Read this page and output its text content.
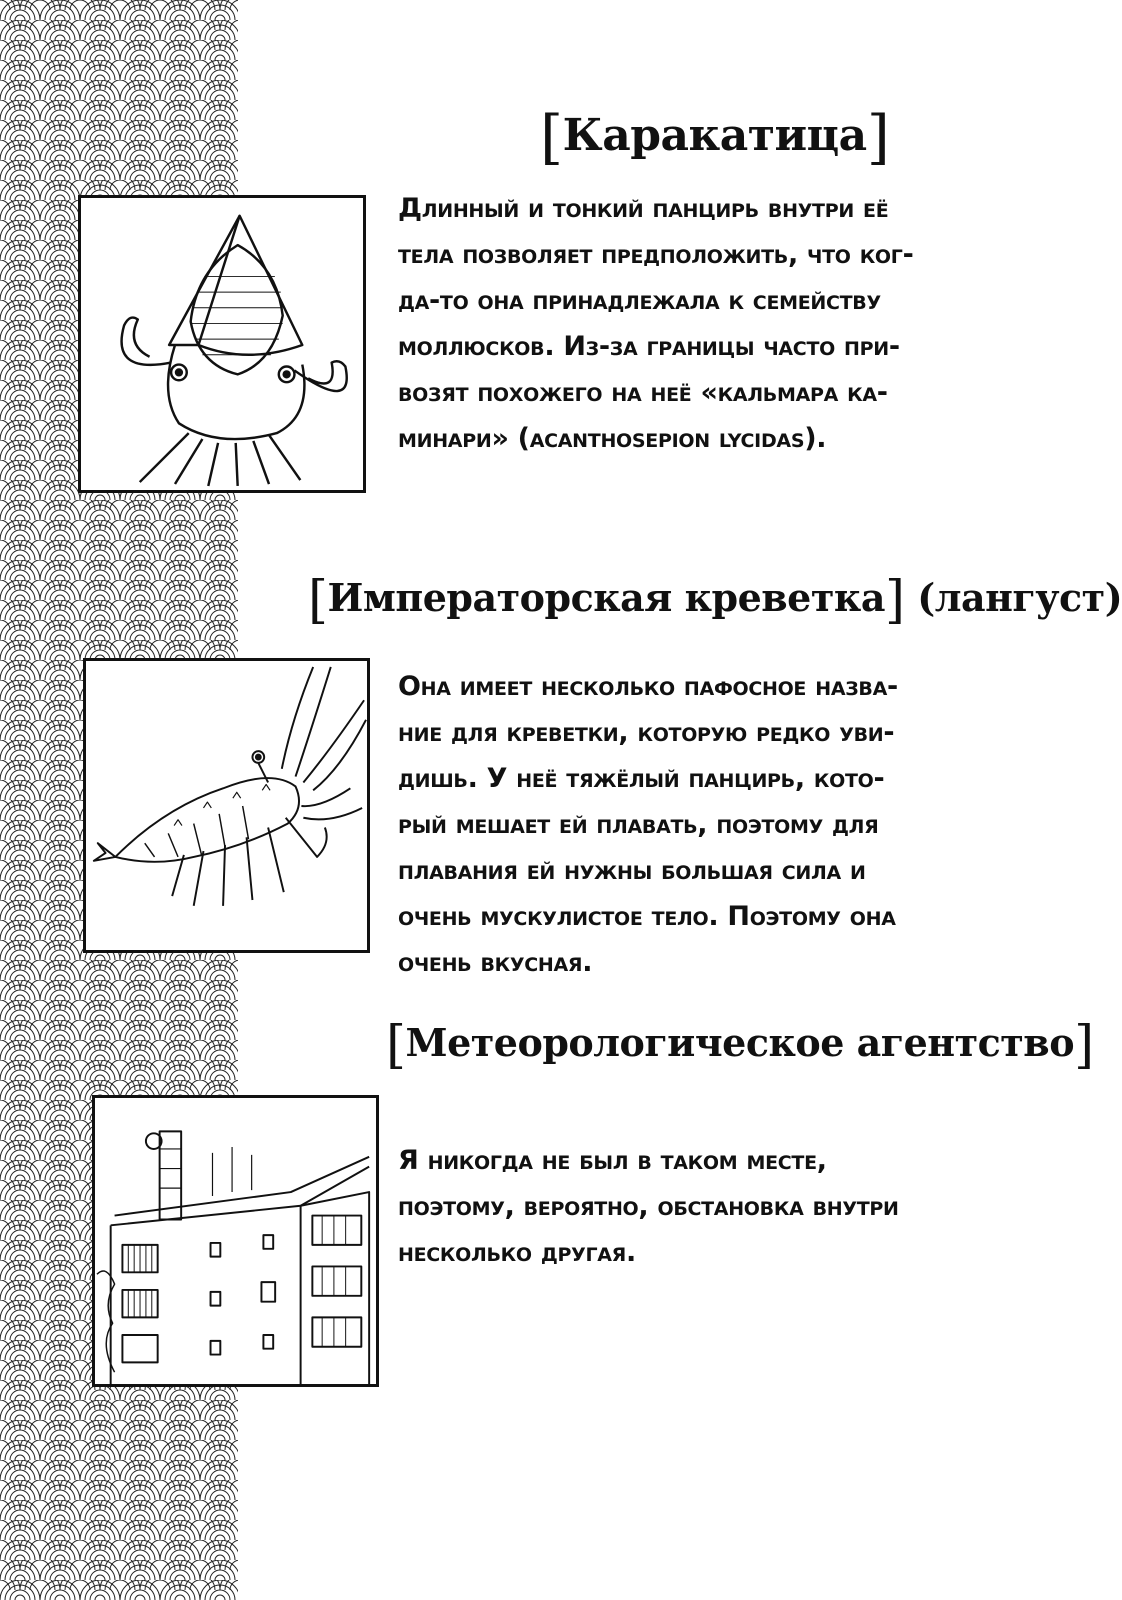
[Каракатица]
Длинный и тонкий панцирь внутри её
тела позволяет предположить, что ког-
да-то она принадлежала к семейству
моллюсков. Из-за границы часто при-
возят похожего на неё «кальмара ка-
минари» (acanthosepion lycidas).
[Императорская креветка] (лангуст)
Она имеет несколько пафосное назва-
ние для креветки, которую редко уви-
дишь. У неё тяжёлый панцирь, кото-
рый мешает ей плавать, поэтому для
плавания ей нужны большая сила и
очень мускулистое тело. Поэтому она
очень вкусная.
[Метеорологическое агентство]
Я никогда не был в таком месте,
поэтому, вероятно, обстановка внутри
несколько другая.
